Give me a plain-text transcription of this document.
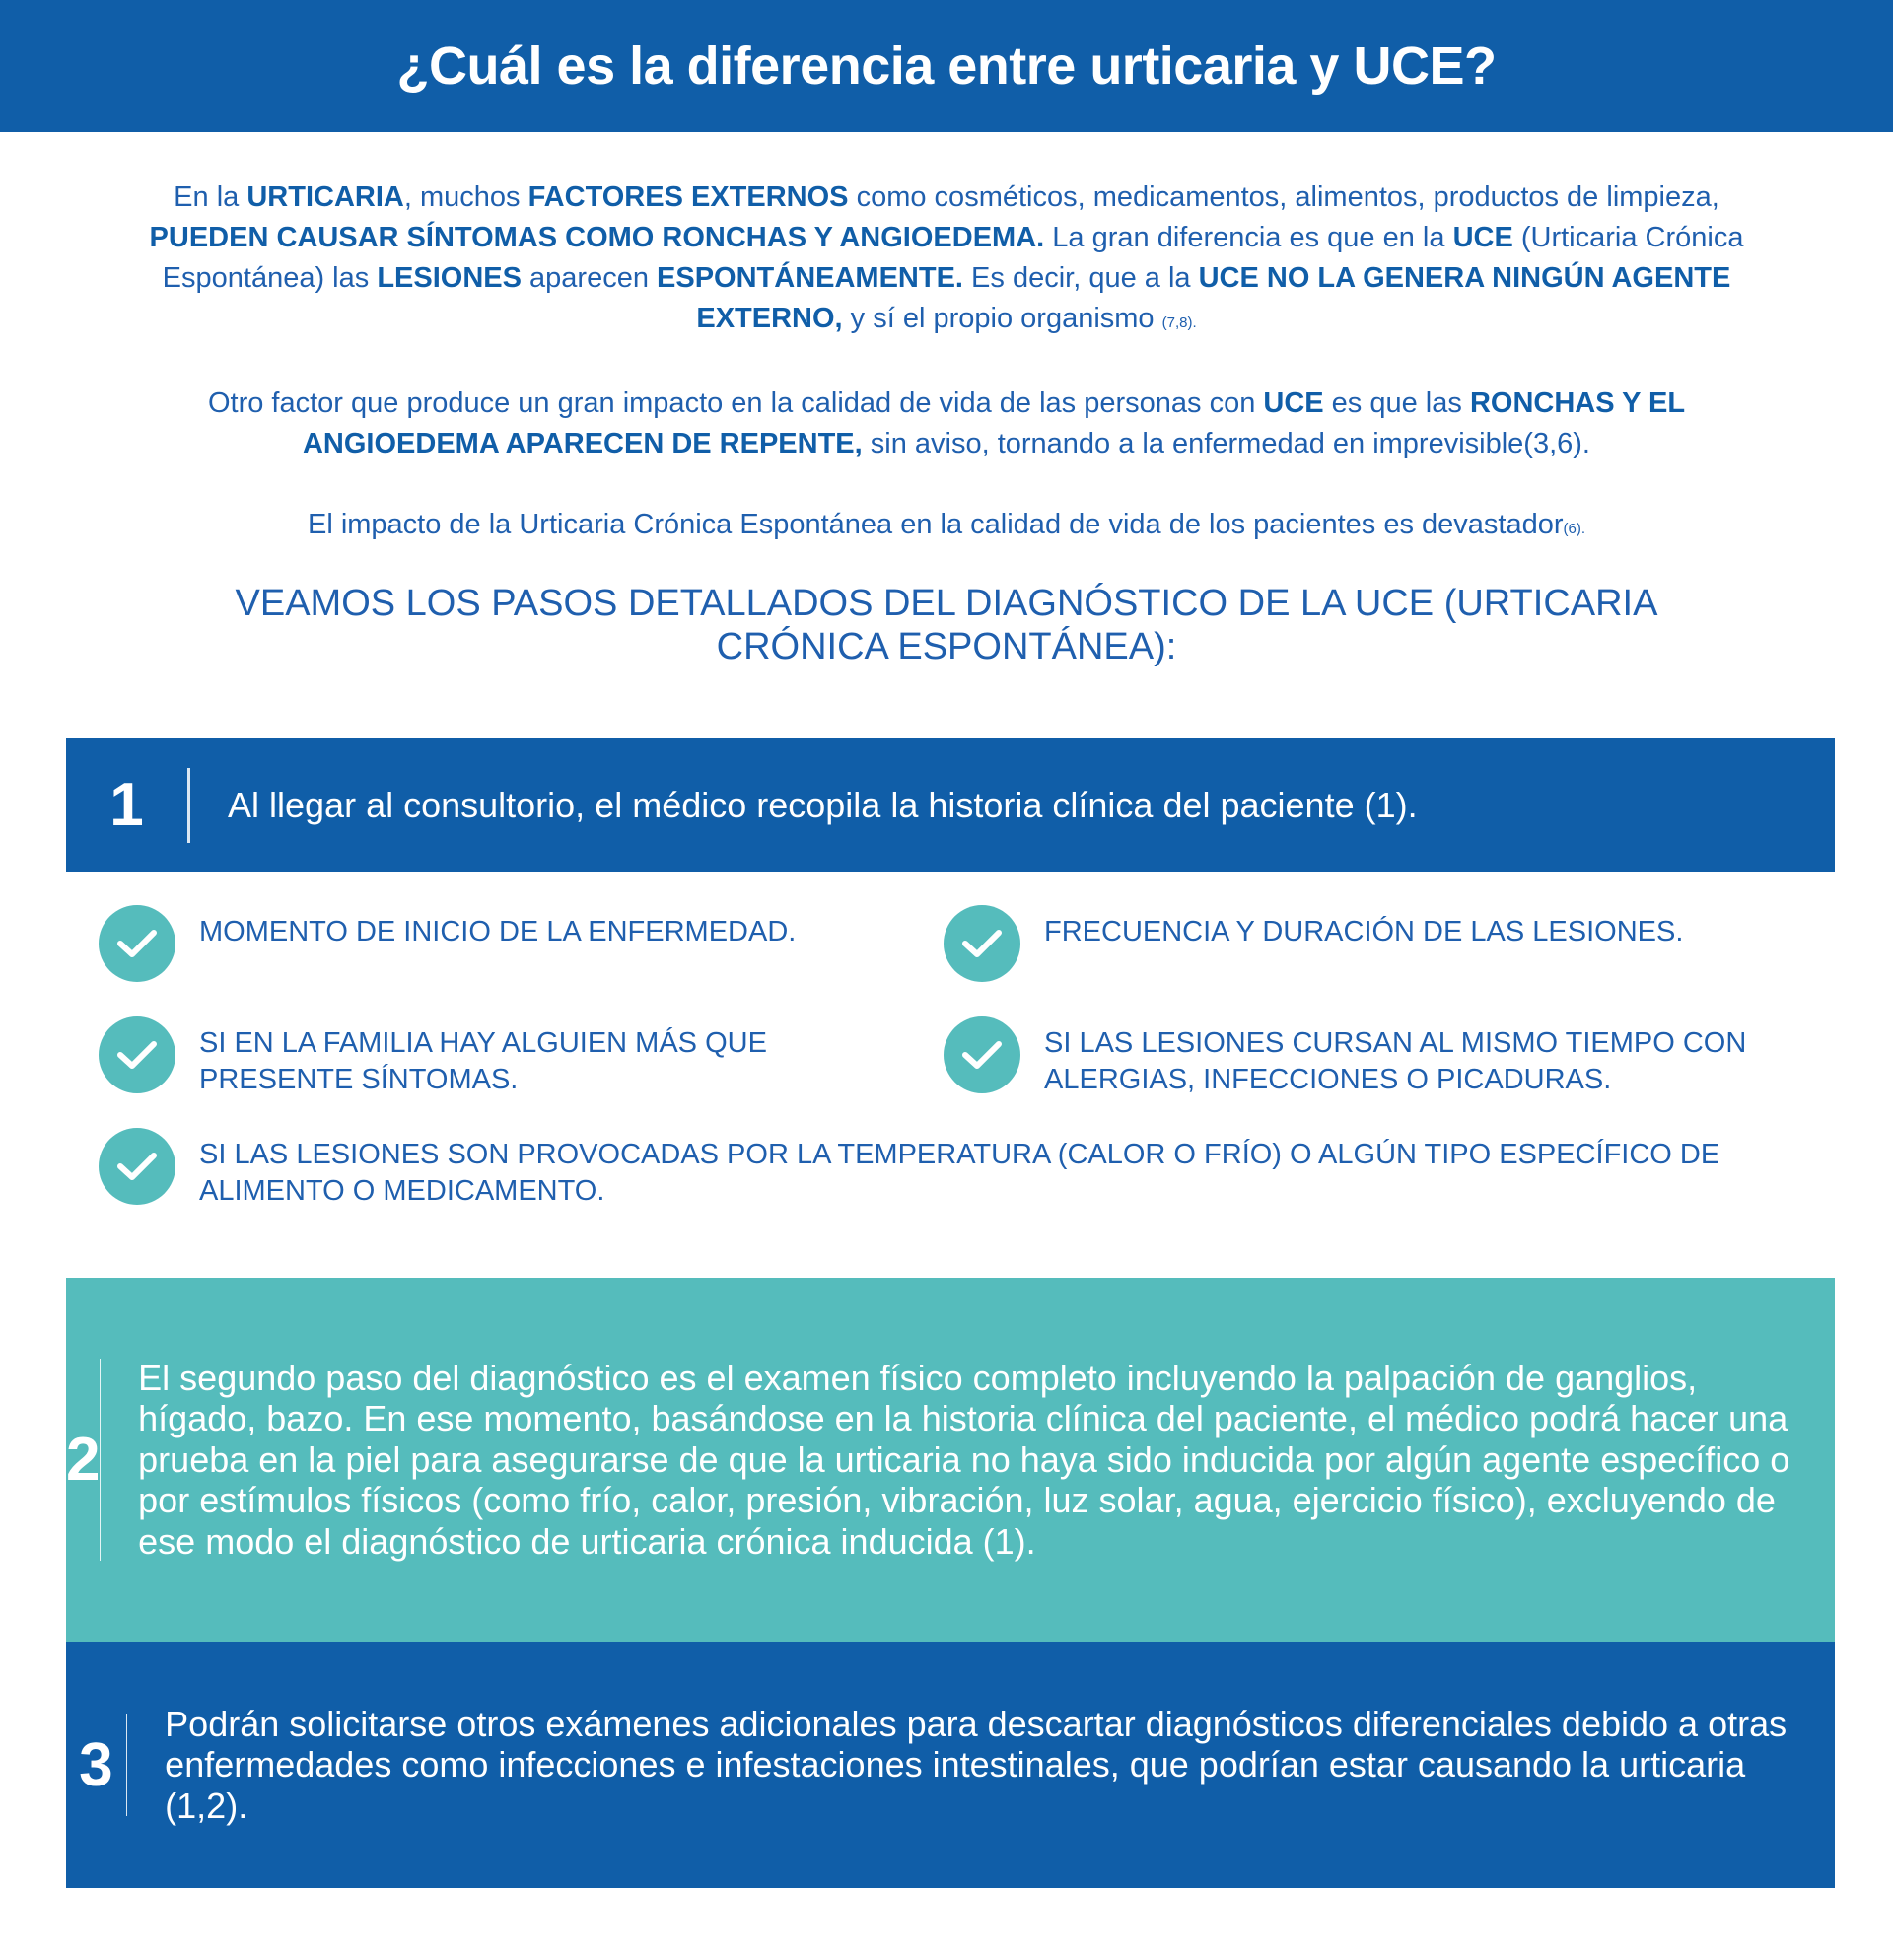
¿Cuál es la diferencia entre urticaria y UCE?

En la URTICARIA, muchos FACTORES EXTERNOS como cosméticos, medicamentos, alimentos, productos de limpieza, PUEDEN CAUSAR SÍNTOMAS COMO RONCHAS Y ANGIOEDEMA. La gran diferencia es que en la UCE (Urticaria Crónica Espontánea) las LESIONES aparecen ESPONTÁNEAMENTE. Es decir, que a la UCE NO LA GENERA NINGÚN AGENTE EXTERNO, y sí el propio organismo (7,8).

Otro factor que produce un gran impacto en la calidad de vida de las personas con UCE es que las RONCHAS Y EL ANGIOEDEMA APARECEN DE REPENTE, sin aviso, tornando a la enfermedad en imprevisible(3,6).

El impacto de la Urticaria Crónica Espontánea en la calidad de vida de los pacientes es devastador(6).

VEAMOS LOS PASOS DETALLADOS DEL DIAGNÓSTICO DE LA UCE (URTICARIA CRÓNICA ESPONTÁNEA):
1	Al llegar al consultorio, el médico recopila la historia clínica del paciente (1).
MOMENTO DE INICIO DE LA ENFERMEDAD.	FRECUENCIA Y DURACIÓN DE LAS LESIONES.
SI EN LA FAMILIA HAY ALGUIEN MÁS QUE PRESENTE SÍNTOMAS.
SI LAS LESIONES CURSAN AL MISMO TIEMPO CON ALERGIAS, INFECCIONES O PICADURAS.
SI LAS LESIONES SON PROVOCADAS POR LA TEMPERATURA (CALOR O FRÍO) O ALGÚN TIPO ESPECÍFICO DE ALIMENTO O MEDICAMENTO.
2
El segundo paso del diagnóstico es el examen físico completo incluyendo la palpación de ganglios, hígado, bazo. En ese momento, basándose en la historia clínica del paciente, el médico podrá hacer una prueba en la piel para asegurarse de que la urticaria no haya sido inducida por algún agente específico o por estímulos físicos (como frío, calor, presión, vibración, luz solar, agua, ejercicio físico), excluyendo de ese modo el diagnóstico de urticaria crónica inducida (1).
3
Podrán solicitarse otros exámenes adicionales para descartar diagnósticos diferenciales debido a otras enfermedades como infecciones e infestaciones intestinales, que podrían estar causando la urticaria (1,2).
